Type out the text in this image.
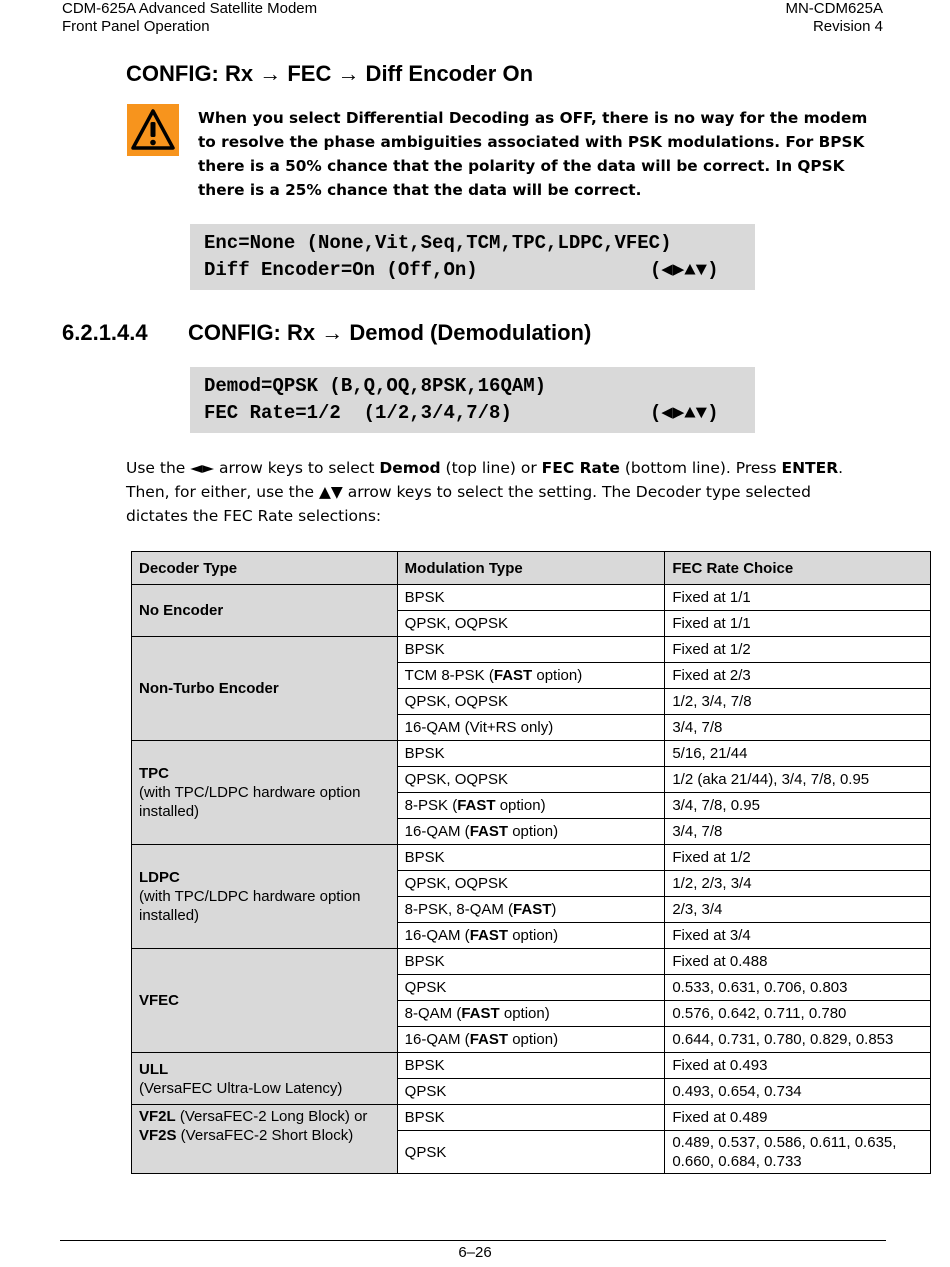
CDM-625A Advanced Satellite Modem
Front Panel Operation
MN-CDM625A
Revision 4
CONFIG: Rx → FEC → Diff Encoder On
When you select Differential Decoding as OFF, there is no way for the modem to resolve the phase ambiguities associated with PSK modulations. For BPSK there is a 50% chance that the polarity of the data will be correct. In QPSK there is a 25% chance that the data will be correct.
Enc=None (None,Vit,Seq,TCM,TPC,LDPC,VFEC)
Diff Encoder=On (Off,On)	(◀▶▲▼)
6.2.1.4.4 CONFIG: Rx → Demod (Demodulation)
Demod=QPSK (B,Q,OQ,8PSK,16QAM)
FEC Rate=1/2  (1/2,3/4,7/8)	(◀▶▲▼)
Use the ◄► arrow keys to select Demod (top line) or FEC Rate (bottom line). Press ENTER. Then, for either, use the ▲▼ arrow keys to select the setting. The Decoder type selected dictates the FEC Rate selections:
Decoder Type	Modulation Type	FEC Rate Choice
No Encoder	BPSK	Fixed at 1/1
	QPSK, OQPSK	Fixed at 1/1
Non-Turbo Encoder	BPSK	Fixed at 1/2
	TCM 8-PSK (FAST option)	Fixed at 2/3
	QPSK, OQPSK	1/2, 3/4, 7/8
	16-QAM (Vit+RS only)	3/4, 7/8

TPC
(with TPC/LDPC hardware option installed)	BPSK	5/16, 21/44
	QPSK, OQPSK	1/2 (aka 21/44), 3/4, 7/8, 0.95
	8-PSK (FAST option)	3/4, 7/8, 0.95
	16-QAM (FAST option)	3/4, 7/8

LDPC
(with TPC/LDPC hardware option installed)	BPSK	Fixed at 1/2
	QPSK, OQPSK	1/2, 2/3, 3/4
	8-PSK, 8-QAM (FAST)	2/3, 3/4
	16-QAM (FAST option)	Fixed at 3/4
VFEC	BPSK	Fixed at 0.488
	QPSK	0.533, 0.631, 0.706, 0.803
	8-QAM (FAST option)	0.576, 0.642, 0.711, 0.780
	16-QAM (FAST option)	0.644, 0.731, 0.780, 0.829, 0.853

ULL
(VersaFEC Ultra-Low Latency)	BPSK	Fixed at 0.493
	QPSK	0.493, 0.654, 0.734

VF2L (VersaFEC-2 Long Block) or
VF2S (VersaFEC-2 Short Block)	BPSK	Fixed at 0.489
	QPSK	0.489, 0.537, 0.586, 0.611, 0.635, 0.660, 0.684, 0.733
6–26
